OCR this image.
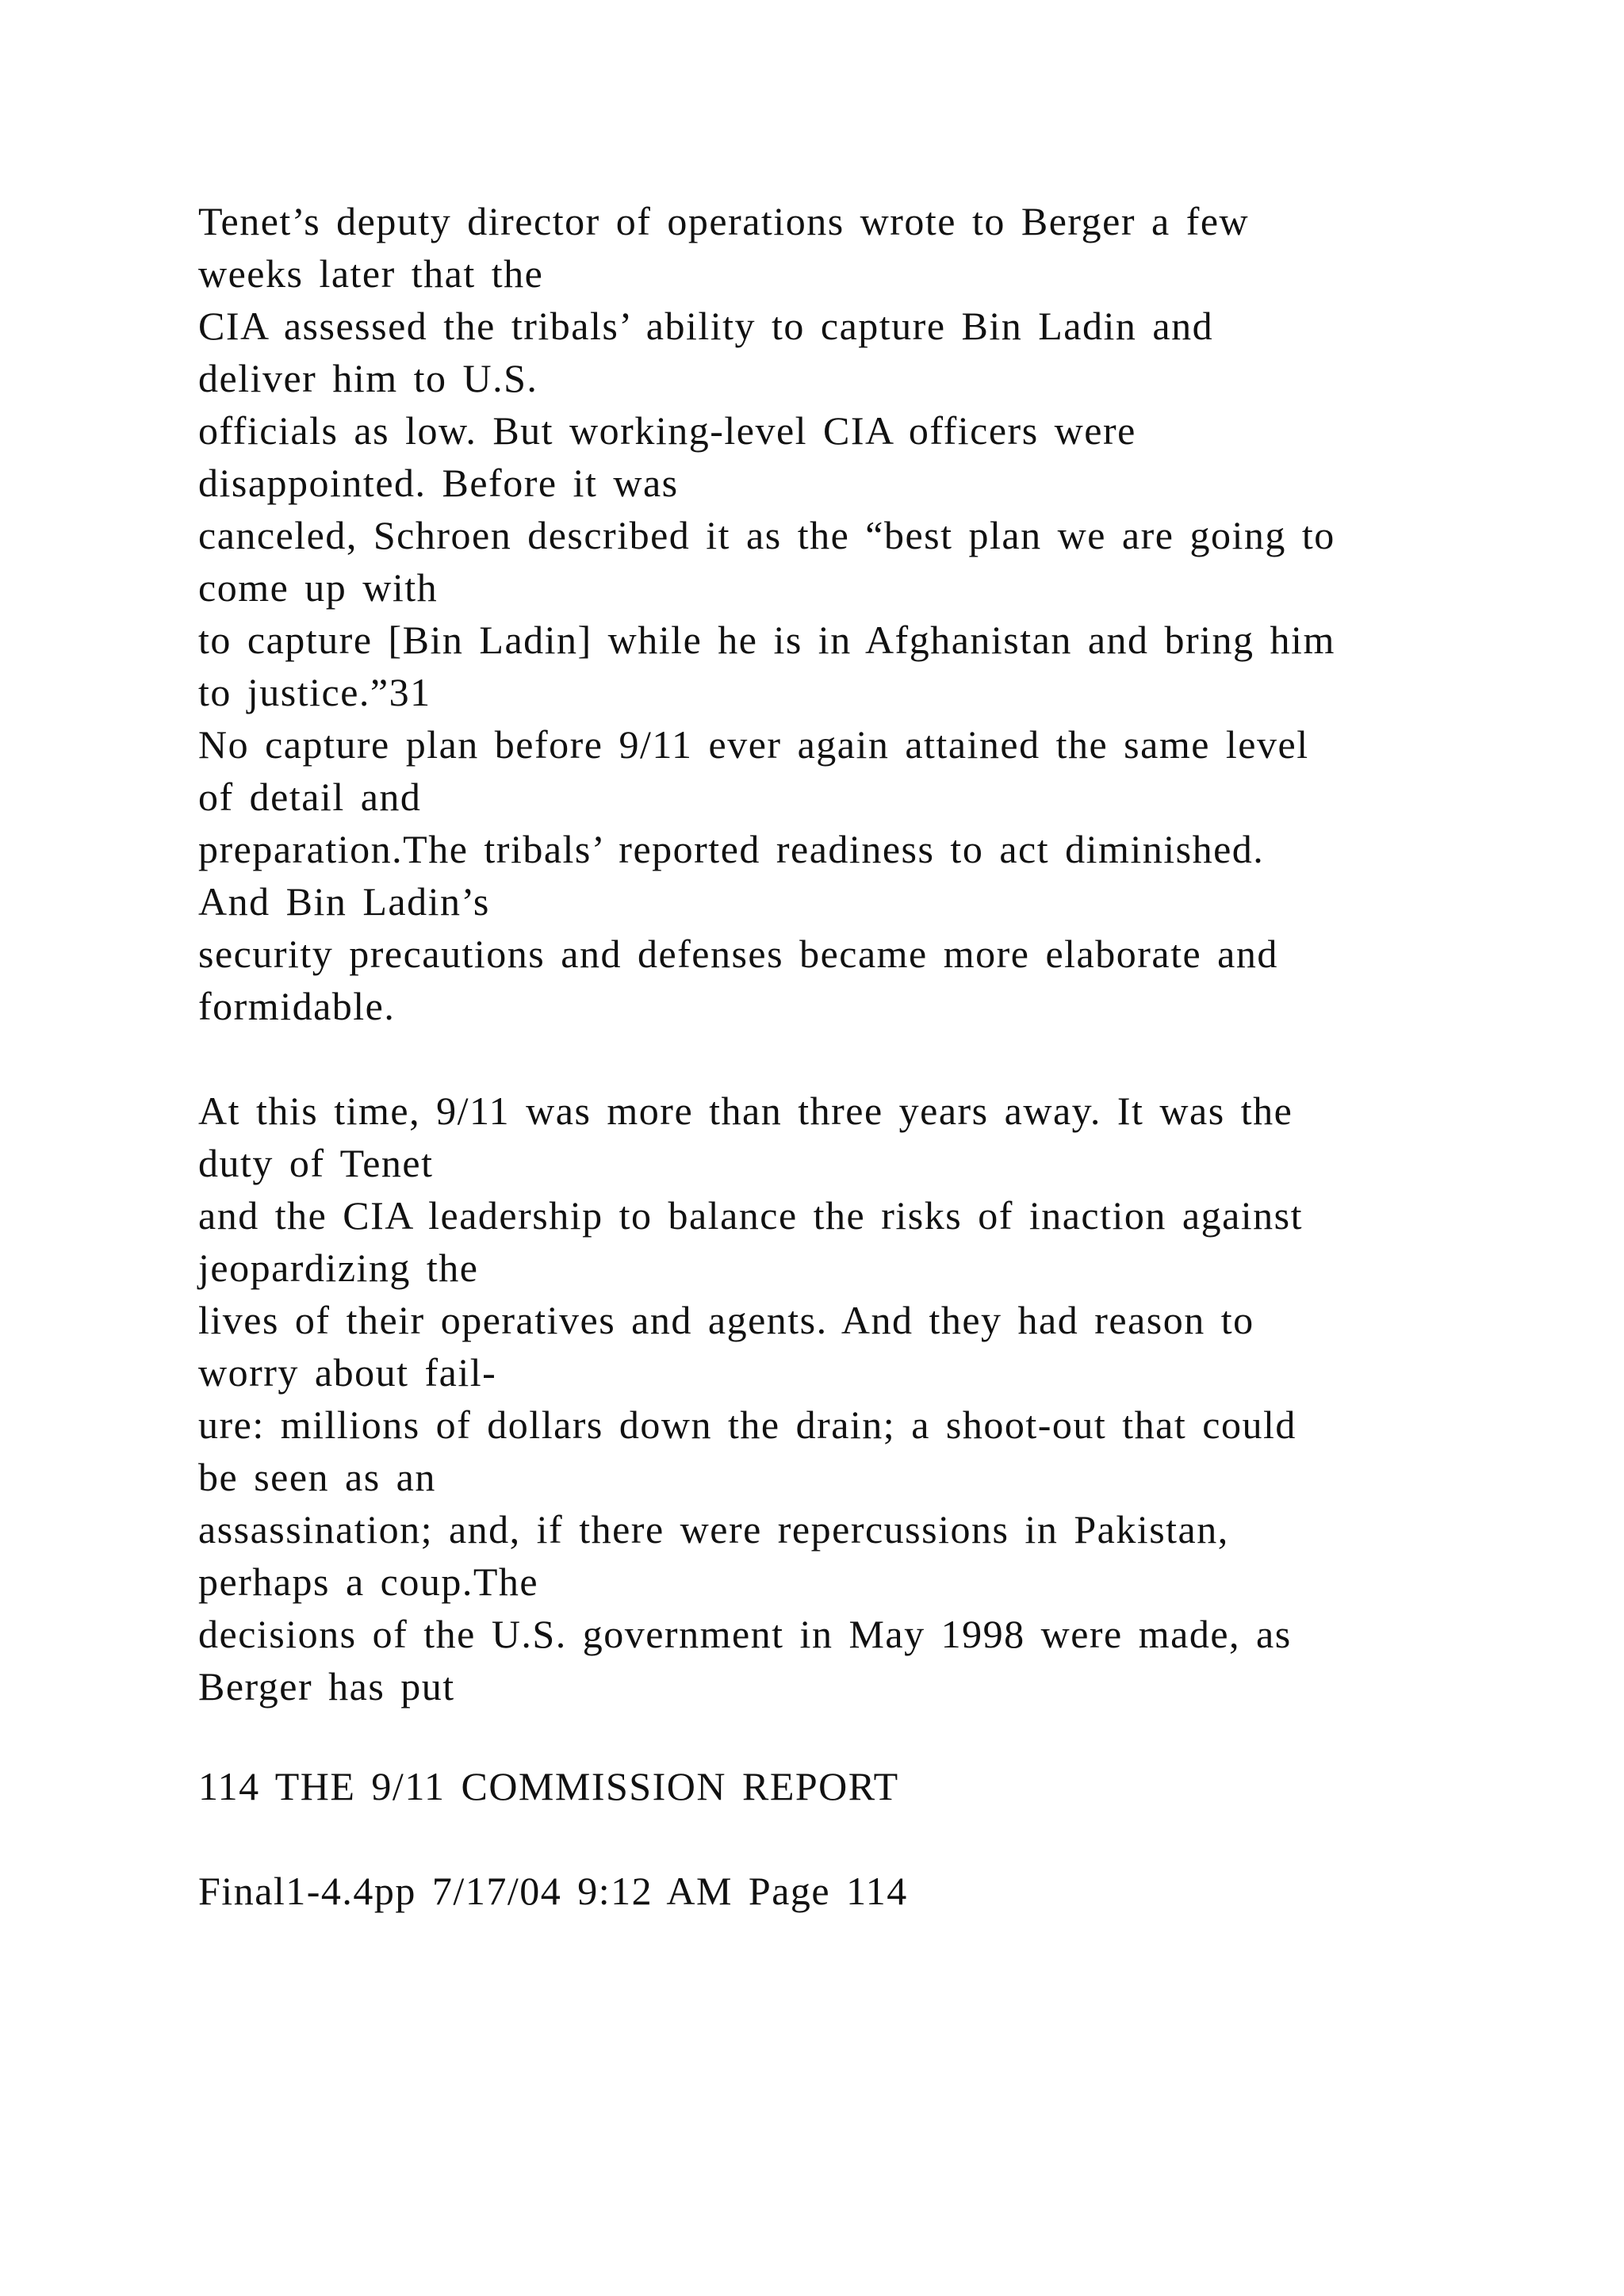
Tenet’s deputy director of operations wrote to Berger a few
weeks later that the
CIA assessed the tribals’ ability to capture Bin Ladin and
deliver him to U.S.
officials as low. But working-level CIA officers were
disappointed. Before it was
canceled, Schroen described it as the “best plan we are going to
come up with
to capture [Bin Ladin] while he is in Afghanistan and bring him
to justice.”31
No capture plan before 9/11 ever again attained the same level
of detail and
preparation.The tribals’ reported readiness to act diminished.
And Bin Ladin’s
security precautions and defenses became more elaborate and
formidable.
At this time, 9/11 was more than three years away. It was the
duty of Tenet
and the CIA leadership to balance the risks of inaction against
jeopardizing the
lives of their operatives and agents. And they had reason to
worry about fail-
ure: millions of dollars down the drain; a shoot-out that could
be seen as an
assassination; and, if there were repercussions in Pakistan,
perhaps a coup.The
decisions of the U.S. government in May 1998 were made, as
Berger has put
114 THE 9/11 COMMISSION REPORT
Final1-4.4pp 7/17/04 9:12 AM Page 114
